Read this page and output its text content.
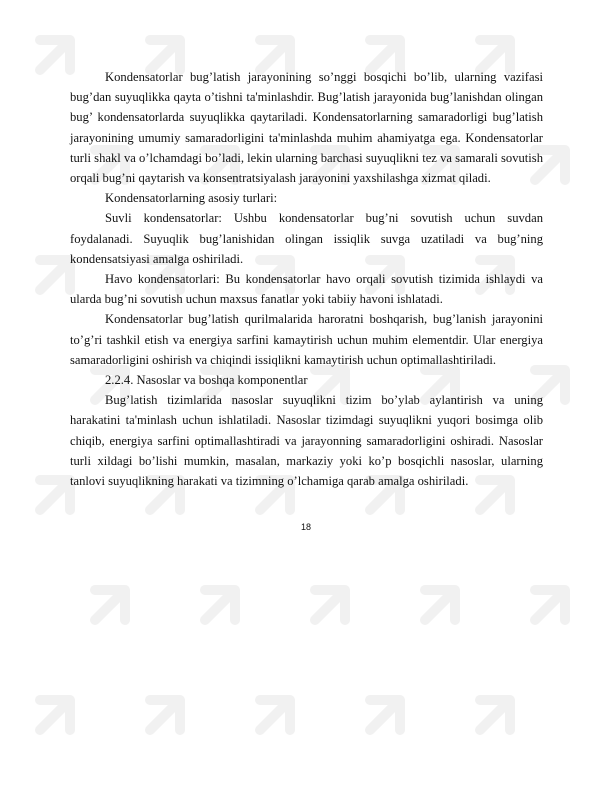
Kondensatorlar bug’latish jarayonining so’nggi bosqichi bo’lib, ularning vazifasi bug’dan suyuqlikka qayta o’tishni ta'minlashdir. Bug’latish jarayonida bug’lanishdan olingan bug’ kondensatorlarda suyuqlikka qaytariladi. Kondensatorlarning samaradorligi bug’latish jarayonining umumiy samaradorligini ta'minlashda muhim ahamiyatga ega. Kondensatorlar turli shakl va o’lchamdagi bo’ladi, lekin ularning barchasi suyuqlikni tez va samarali sovutish orqali bug’ni qaytarish va konsentratsiyalash jarayonini yaxshilashga xizmat qiladi.

Kondensatorlarning asosiy turlari:

Suvli kondensatorlar: Ushbu kondensatorlar bug’ni sovutish uchun suvdan foydalanadi. Suyuqlik bug’lanishidan olingan issiqlik suvga uzatiladi va bug’ning kondensatsiyasi amalga oshiriladi.

Havo kondensatorlari: Bu kondensatorlar havo orqali sovutish tizimida ishlaydi va ularda bug’ni sovutish uchun maxsus fanatlar yoki tabiiy havoni ishlatadi.

Kondensatorlar bug’latish qurilmalarida haroratni boshqarish, bug’lanish jarayonini to’g’ri tashkil etish va energiya sarfini kamaytirish uchun muhim elementdir. Ular energiya samaradorligini oshirish va chiqindi issiqlikni kamaytirish uchun optimallashtiriladi.

2.2.4. Nasoslar va boshqa komponentlar

Bug’latish tizimlarida nasoslar suyuqlikni tizim bo’ylab aylantirish va uning harakatini ta'minlash uchun ishlatiladi. Nasoslar tizimdagi suyuqlikni yuqori bosimga olib chiqib, energiya sarfini optimallashtiradi va jarayonning samaradorligini oshiradi. Nasoslar turli xildagi bo’lishi mumkin, masalan, markaziy yoki ko’p bosqichli nasoslar, ularning tanlovi suyuqlikning harakati va tizimning o’lchamiga qarab amalga oshiriladi.

18
